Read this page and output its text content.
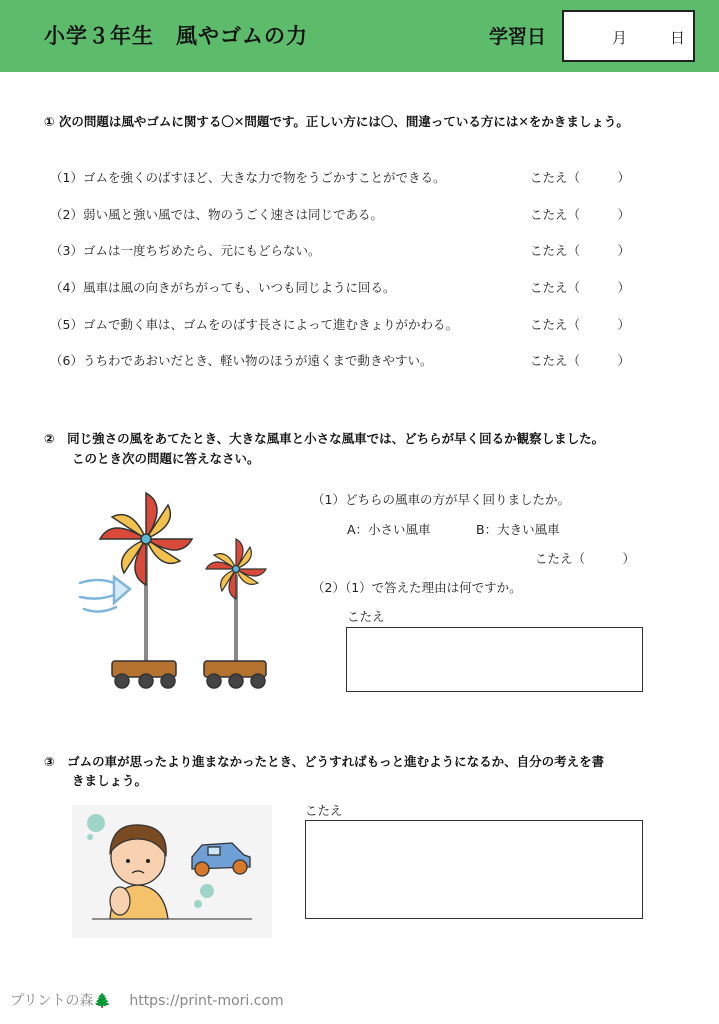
小学３年生　風やゴムの力	学習日	月	日
① 次の問題は風やゴムに関する〇✕問題です。正しい方には〇、間違っている方には✕をかきましょう。
（1）ゴムを強くのばすほど、大きな力で物をうごかすことができる。	こたえ（　　　）
（2）弱い風と強い風では、物のうごく速さは同じである。	こたえ（　　　）
（3）ゴムは一度ちぢめたら、元にもどらない。	こたえ（　　　）
（4）風車は風の向きがちがっても、いつも同じように回る。	こたえ（　　　）
（5）ゴムで動く車は、ゴムをのばす長さによって進むきょりがかわる。	こたえ（　　　）
（6）うちわであおいだとき、軽い物のほうが遠くまで動きやすい。	こたえ（　　　）
②　同じ強さの風をあてたとき、大きな風車と小さな風車では、どちらが早く回るか観察しました。
このとき次の問題に答えなさい。
（1）どちらの風車の方が早く回りましたか。
A：小さい風車	B：大きい風車
こたえ（　　　）
（2）（1）で答えた理由は何ですか。
こたえ
③　ゴムの車が思ったより進まなかったとき、どうすればもっと進むようになるか、自分の考えを書
きましょう。
こたえ
プリントの森🌲 https://print-mori.com
